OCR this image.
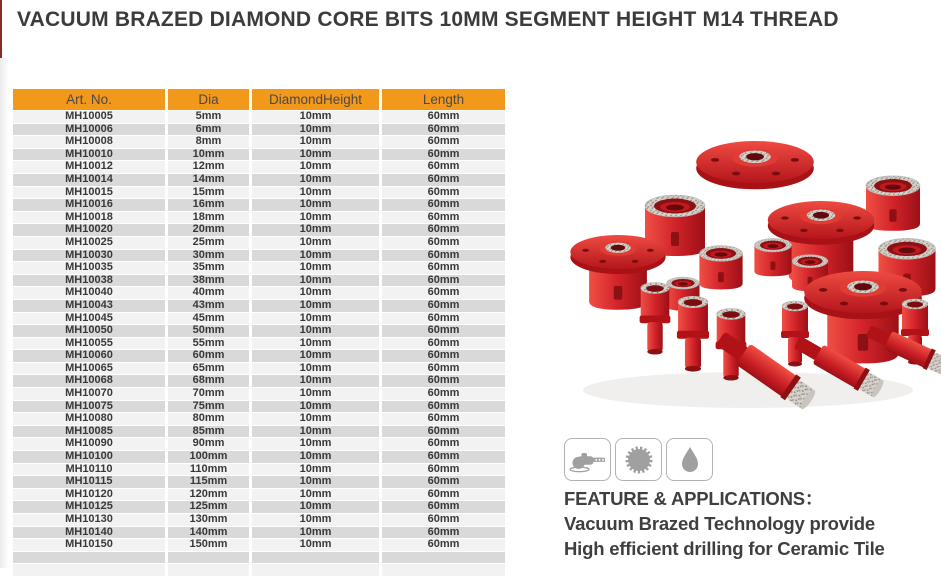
VACUUM BRAZED DIAMOND CORE BITS 10MM SEGMENT HEIGHT M14 THREAD
Art. No.	Dia	DiamondHeight	Length
MH10005	5mm	10mm	60mm
MH10006	6mm	10mm	60mm
MH10008	8mm	10mm	60mm
MH10010	10mm	10mm	60mm
MH10012	12mm	10mm	60mm
MH10014	14mm	10mm	60mm
MH10015	15mm	10mm	60mm
MH10016	16mm	10mm	60mm
MH10018	18mm	10mm	60mm
MH10020	20mm	10mm	60mm
MH10025	25mm	10mm	60mm
MH10030	30mm	10mm	60mm
MH10035	35mm	10mm	60mm
MH10038	38mm	10mm	60mm
MH10040	40mm	10mm	60mm
MH10043	43mm	10mm	60mm
MH10045	45mm	10mm	60mm
MH10050	50mm	10mm	60mm
MH10055	55mm	10mm	60mm
MH10060	60mm	10mm	60mm
MH10065	65mm	10mm	60mm
MH10068	68mm	10mm	60mm
MH10070	70mm	10mm	60mm
MH10075	75mm	10mm	60mm
MH10080	80mm	10mm	60mm
MH10085	85mm	10mm	60mm
MH10090	90mm	10mm	60mm
MH10100	100mm	10mm	60mm
MH10110	110mm	10mm	60mm
MH10115	115mm	10mm	60mm
MH10120	120mm	10mm	60mm
MH10125	125mm	10mm	60mm
MH10130	130mm	10mm	60mm
MH10140	140mm	10mm	60mm
MH10150	150mm	10mm	60mm

FEATURE & APPLICATIONS：
Vacuum Brazed Technology provide
High efficient drilling for Ceramic Tile
